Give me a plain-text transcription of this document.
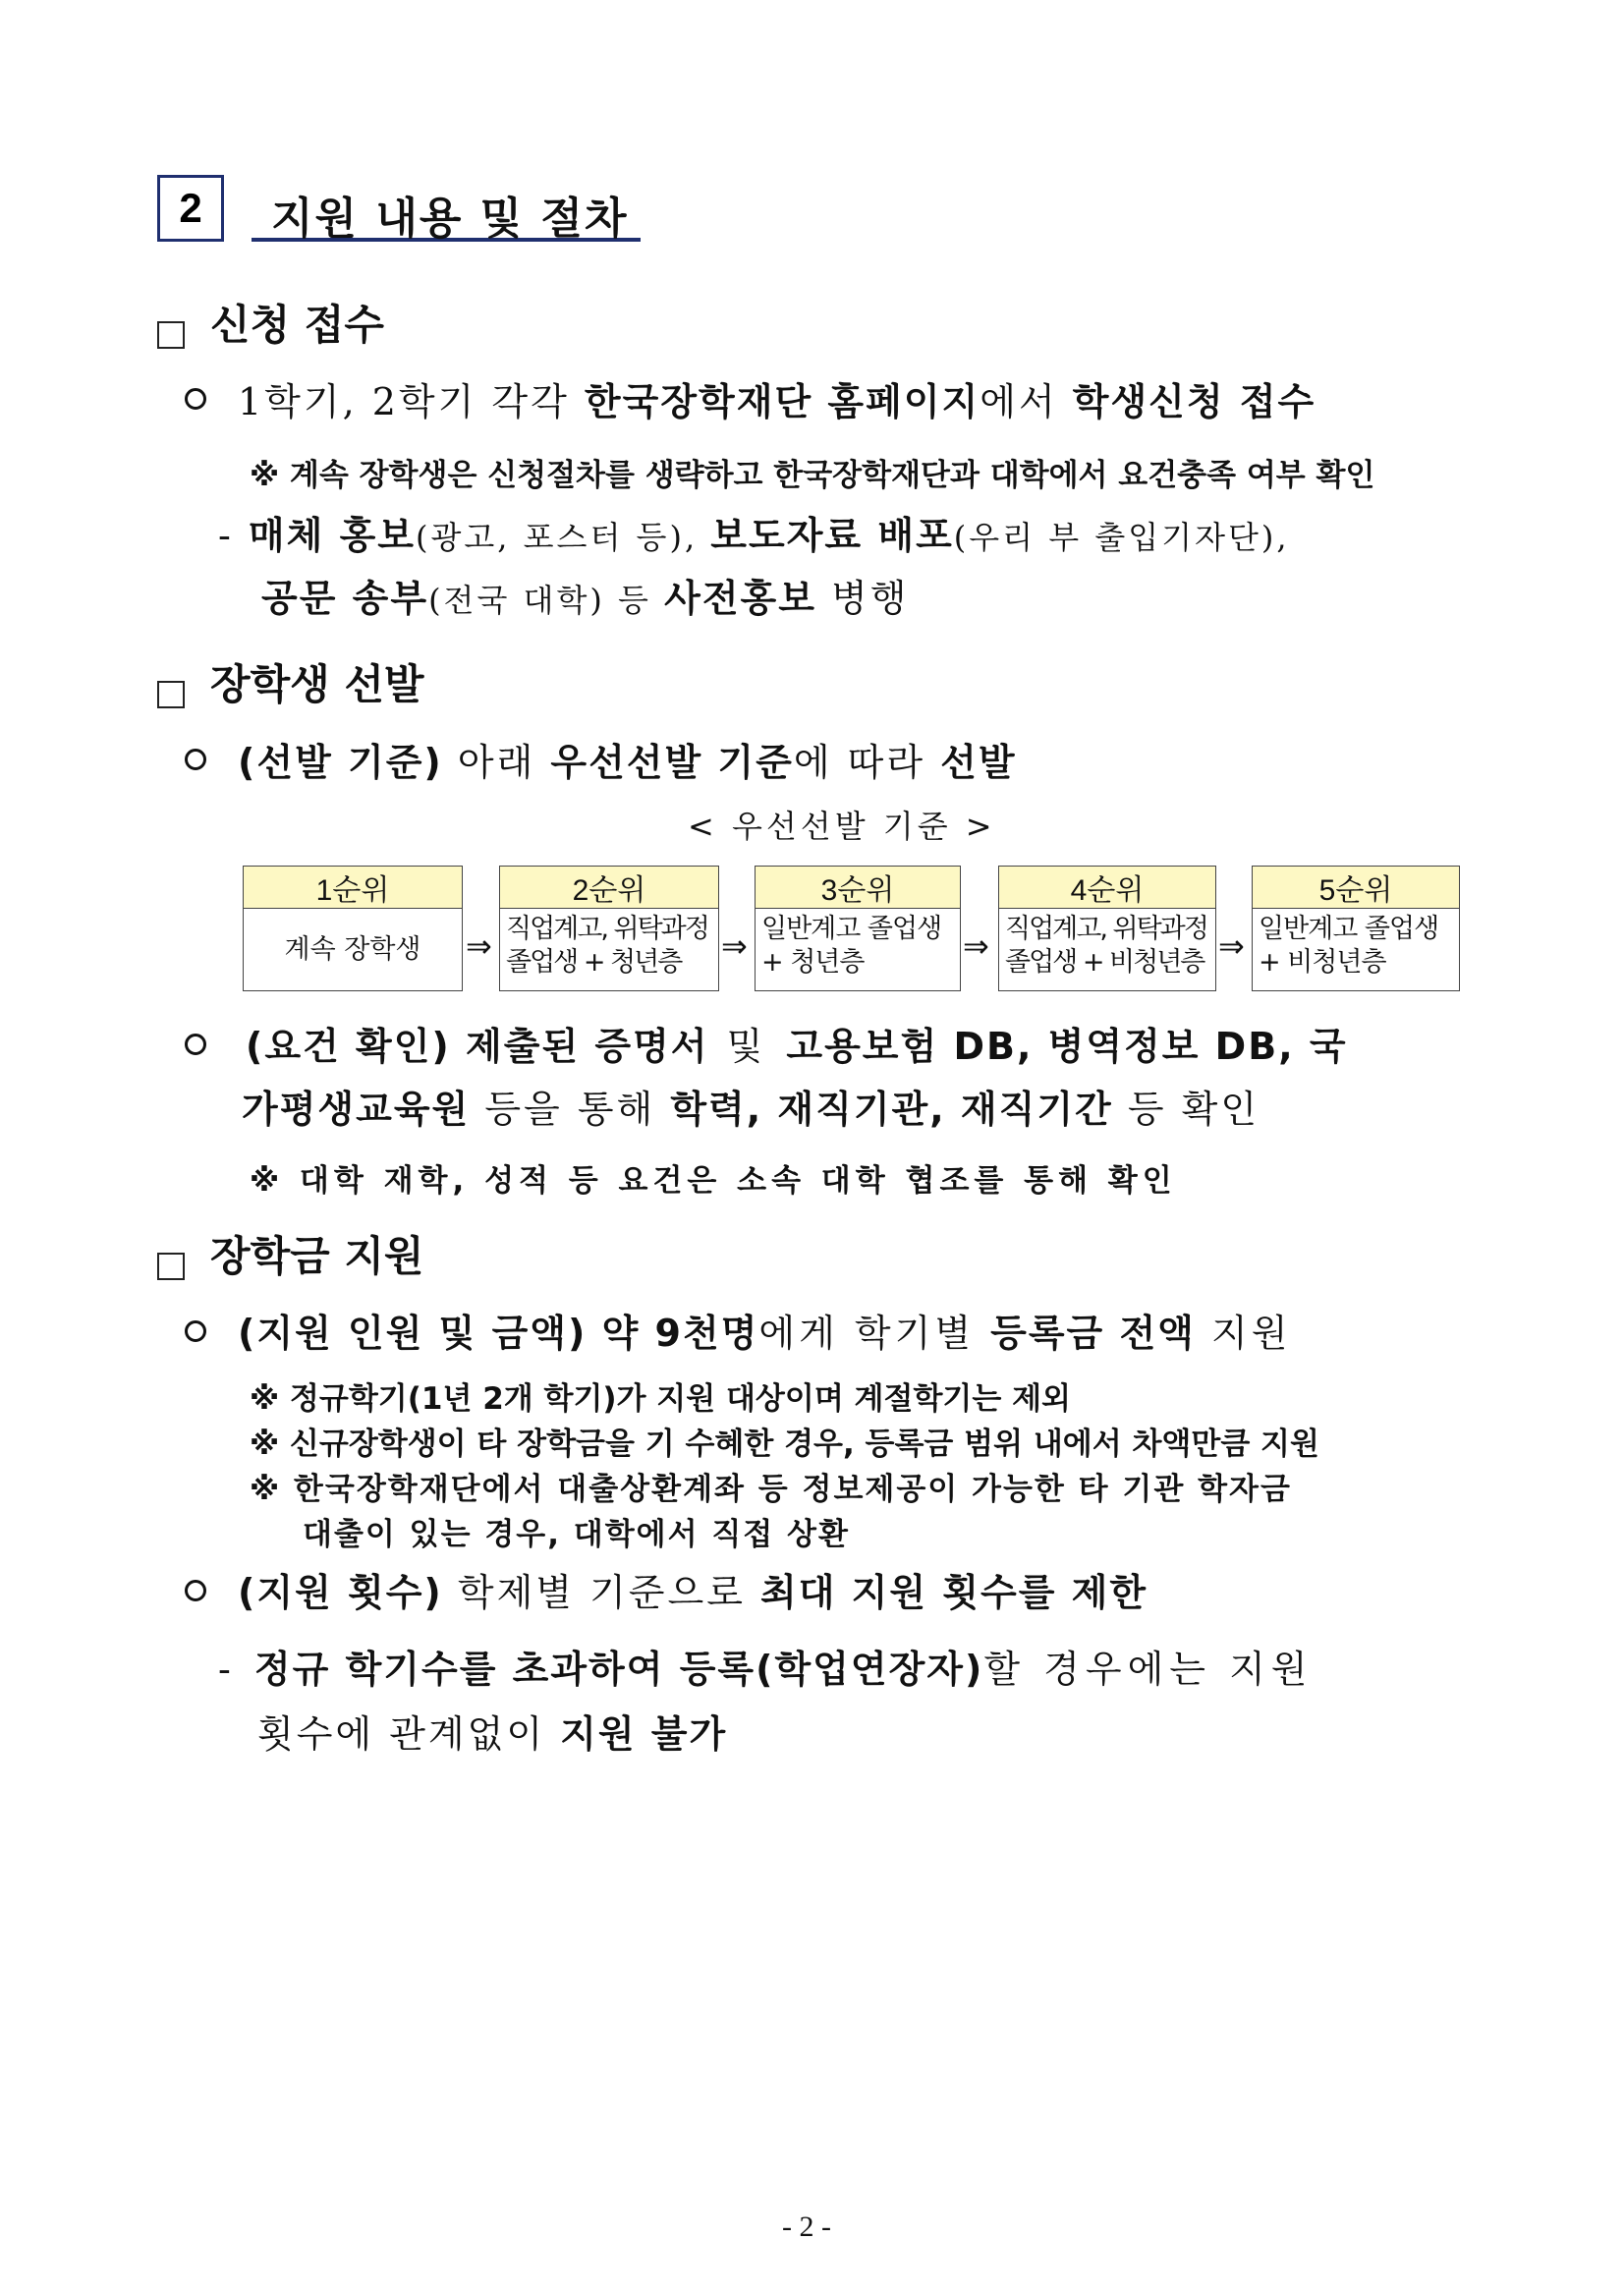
2	지원 내용 및 절차
신청 접수
1학기, 2학기 각각 한국장학재단 홈페이지에서 학생신청 접수
※ 계속 장학생은 신청절차를 생략하고 한국장학재단과 대학에서 요건충족 여부 확인
- 매체 홍보(광고, 포스터 등), 보도자료 배포(우리 부 출입기자단),
공문 송부(전국 대학) 등 사전홍보 병행
장학생 선발
(선발 기준) 아래 우선선발 기준에 따라 선발
< 우선선발 기준 >
1순위
계속 장학생 ⇒
2순위
직업계고, 위탁과정
졸업생 + 청년층	⇒
3순위
일반계고 졸업생
+ 청년층	⇒
4순위
직업계고, 위탁과정
졸업생 + 비청년층 ⇒
5순위
일반계고 졸업생
+ 비청년층
(요건 확인) 제출된 증명서 및 고용보험 DB, 병역정보 DB, 국
가평생교육원 등을 통해 학력, 재직기관, 재직기간 등 확인
※ 대학 재학, 성적 등 요건은 소속 대학 협조를 통해 확인
장학금 지원
(지원 인원 및 금액) 약 9천명에게 학기별 등록금 전액 지원
※ 정규학기(1년 2개 학기)가 지원 대상이며 계절학기는 제외
※ 신규장학생이 타 장학금을 기 수혜한 경우, 등록금 범위 내에서 차액만큼 지원
※ 한국장학재단에서 대출상환계좌 등 정보제공이 가능한 타 기관 학자금
대출이 있는 경우, 대학에서 직접 상환
(지원 횟수) 학제별 기준으로 최대 지원 횟수를 제한
- 정규 학기수를 초과하여 등록(학업연장자)할 경우에는 지원
횟수에 관계없이 지원 불가
- 2 -
